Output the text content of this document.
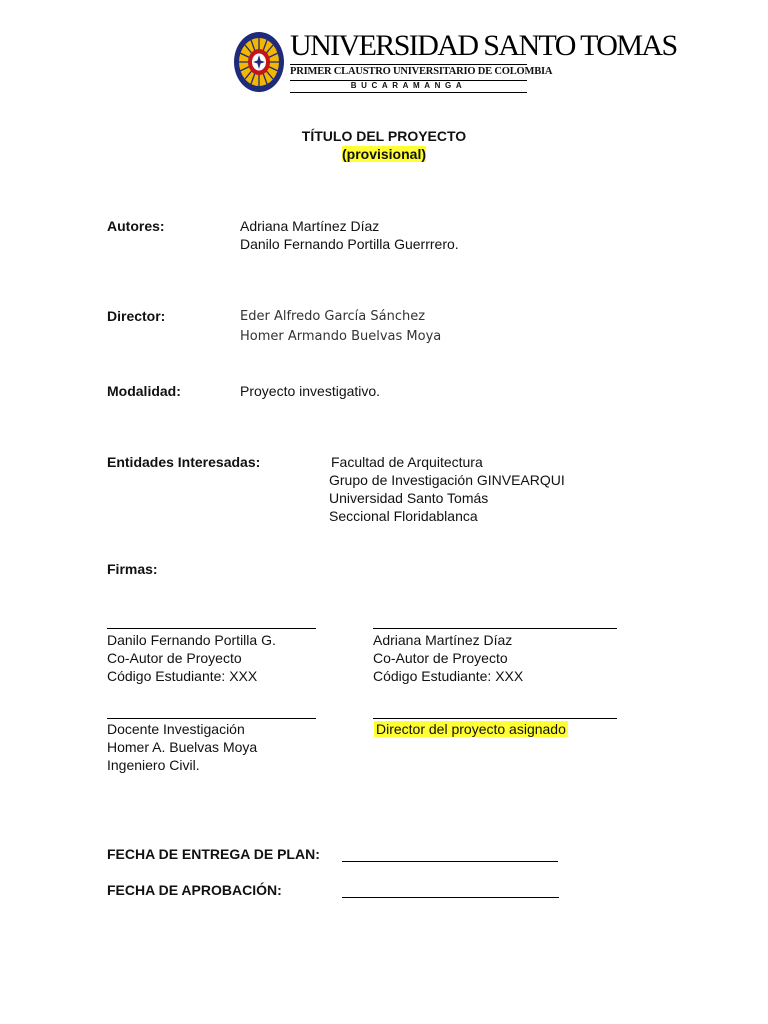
UNIVERSIDAD SANTO TOMAS
PRIMER CLAUSTRO UNIVERSITARIO DE COLOMBIA
BUCARAMANGA
TÍTULO DEL PROYECTO
(provisional)
Autores:	Adriana Martínez Díaz
Danilo Fernando Portilla Guerrrero.
Director:	Eder Alfredo García Sánchez
Homer Armando Buelvas Moya
Modalidad:	Proyecto investigativo.
Entidades Interesadas:	Facultad de Arquitectura
Grupo de Investigación GINVEARQUI
Universidad Santo Tomás
Seccional Floridablanca
Firmas:
Danilo Fernando Portilla G.
Co-Autor de Proyecto
Código Estudiante: XXX
Adriana Martínez Díaz
Co-Autor de Proyecto
Código Estudiante: XXX
Docente Investigación
Homer A. Buelvas Moya
Ingeniero Civil.
Director del proyecto asignado
FECHA DE ENTREGA DE PLAN:
FECHA DE APROBACIÓN:
